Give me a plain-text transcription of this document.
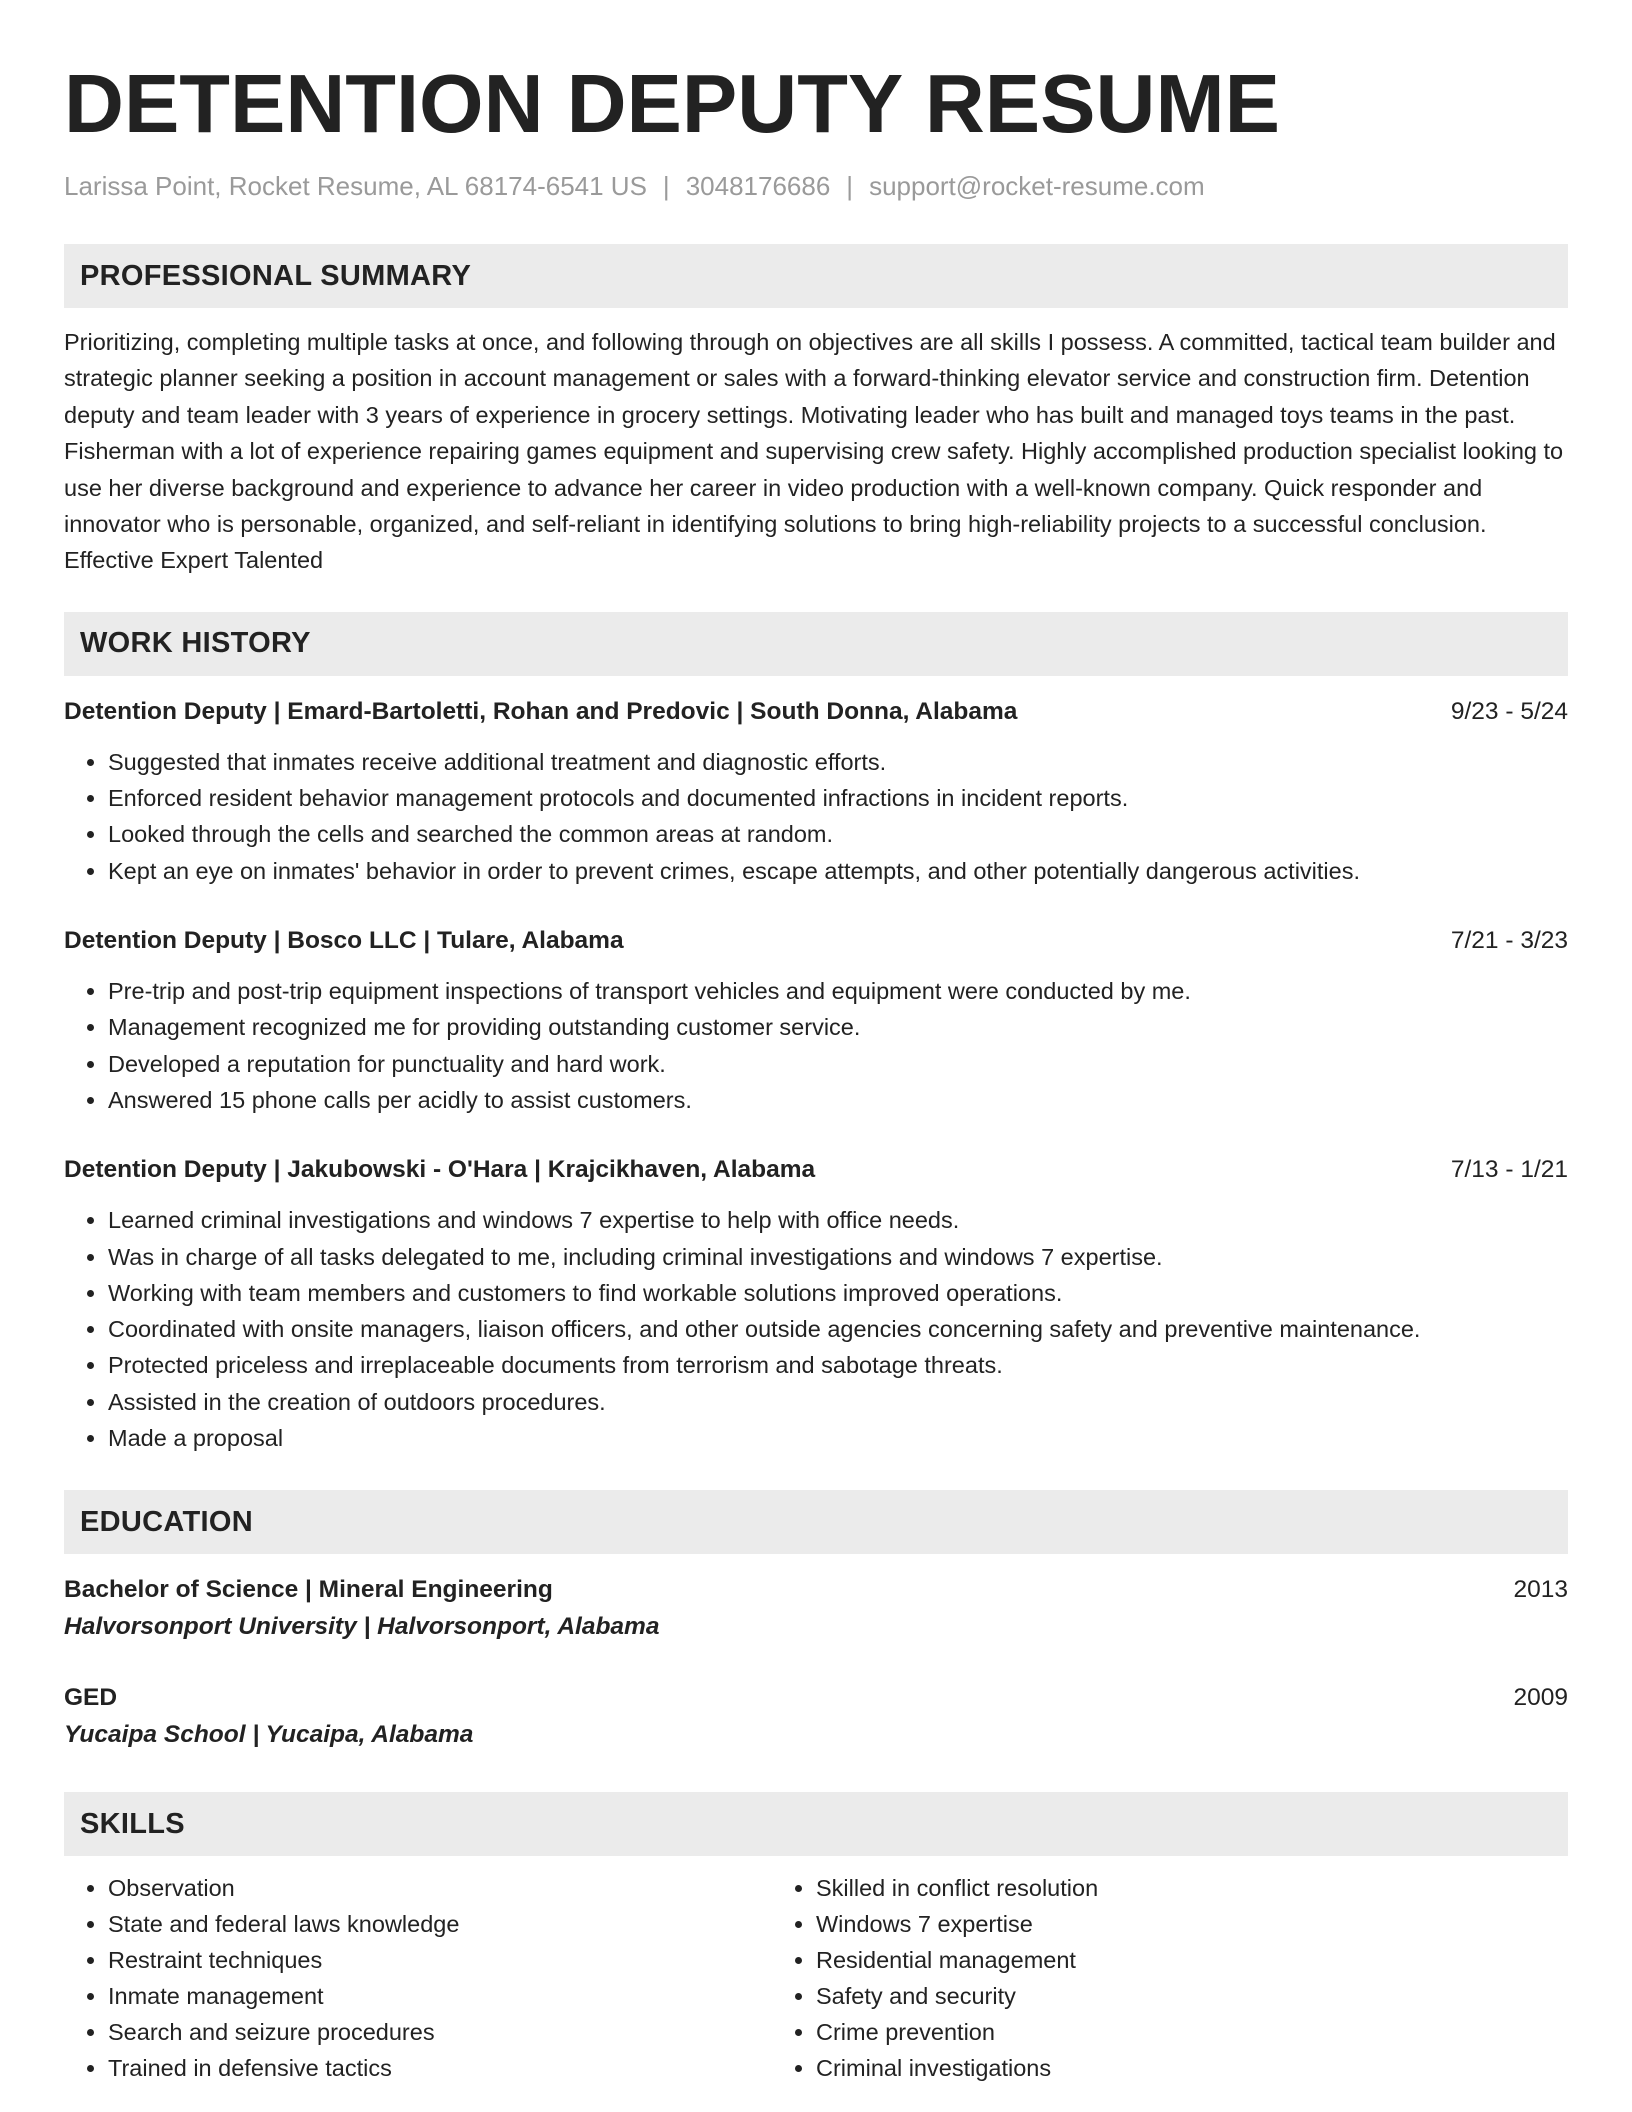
DETENTION DEPUTY RESUME
Larissa Point, Rocket Resume, AL 68174-6541 US | 3048176686 | support@rocket-resume.com
PROFESSIONAL SUMMARY
Prioritizing, completing multiple tasks at once, and following through on objectives are all skills I possess. A committed, tactical team builder and strategic planner seeking a position in account management or sales with a forward-thinking elevator service and construction firm. Detention deputy and team leader with 3 years of experience in grocery settings. Motivating leader who has built and managed toys teams in the past. Fisherman with a lot of experience repairing games equipment and supervising crew safety. Highly accomplished production specialist looking to use her diverse background and experience to advance her career in video production with a well-known company. Quick responder and innovator who is personable, organized, and self-reliant in identifying solutions to bring high-reliability projects to a successful conclusion. Effective Expert Talented
WORK HISTORY
Detention Deputy | Emard-Bartoletti, Rohan and Predovic | South Donna, Alabama	9/23 - 5/24
• Suggested that inmates receive additional treatment and diagnostic efforts.
• Enforced resident behavior management protocols and documented infractions in incident reports.
• Looked through the cells and searched the common areas at random.
• Kept an eye on inmates' behavior in order to prevent crimes, escape attempts, and other potentially dangerous activities.
Detention Deputy | Bosco LLC | Tulare, Alabama	7/21 - 3/23
• Pre-trip and post-trip equipment inspections of transport vehicles and equipment were conducted by me.
• Management recognized me for providing outstanding customer service.
• Developed a reputation for punctuality and hard work.
• Answered 15 phone calls per acidly to assist customers.
Detention Deputy | Jakubowski - O'Hara | Krajcikhaven, Alabama	7/13 - 1/21
• Learned criminal investigations and windows 7 expertise to help with office needs.
• Was in charge of all tasks delegated to me, including criminal investigations and windows 7 expertise.
• Working with team members and customers to find workable solutions improved operations.
• Coordinated with onsite managers, liaison officers, and other outside agencies concerning safety and preventive maintenance.
• Protected priceless and irreplaceable documents from terrorism and sabotage threats.
• Assisted in the creation of outdoors procedures.
• Made a proposal
EDUCATION
Bachelor of Science | Mineral Engineering	2013
Halvorsonport University | Halvorsonport, Alabama
GED	2009
Yucaipa School | Yucaipa, Alabama
SKILLS
• Observation
• State and federal laws knowledge
• Restraint techniques
• Inmate management
• Search and seizure procedures
• Trained in defensive tactics
• Skilled in conflict resolution
• Windows 7 expertise
• Residential management
• Safety and security
• Crime prevention
• Criminal investigations
